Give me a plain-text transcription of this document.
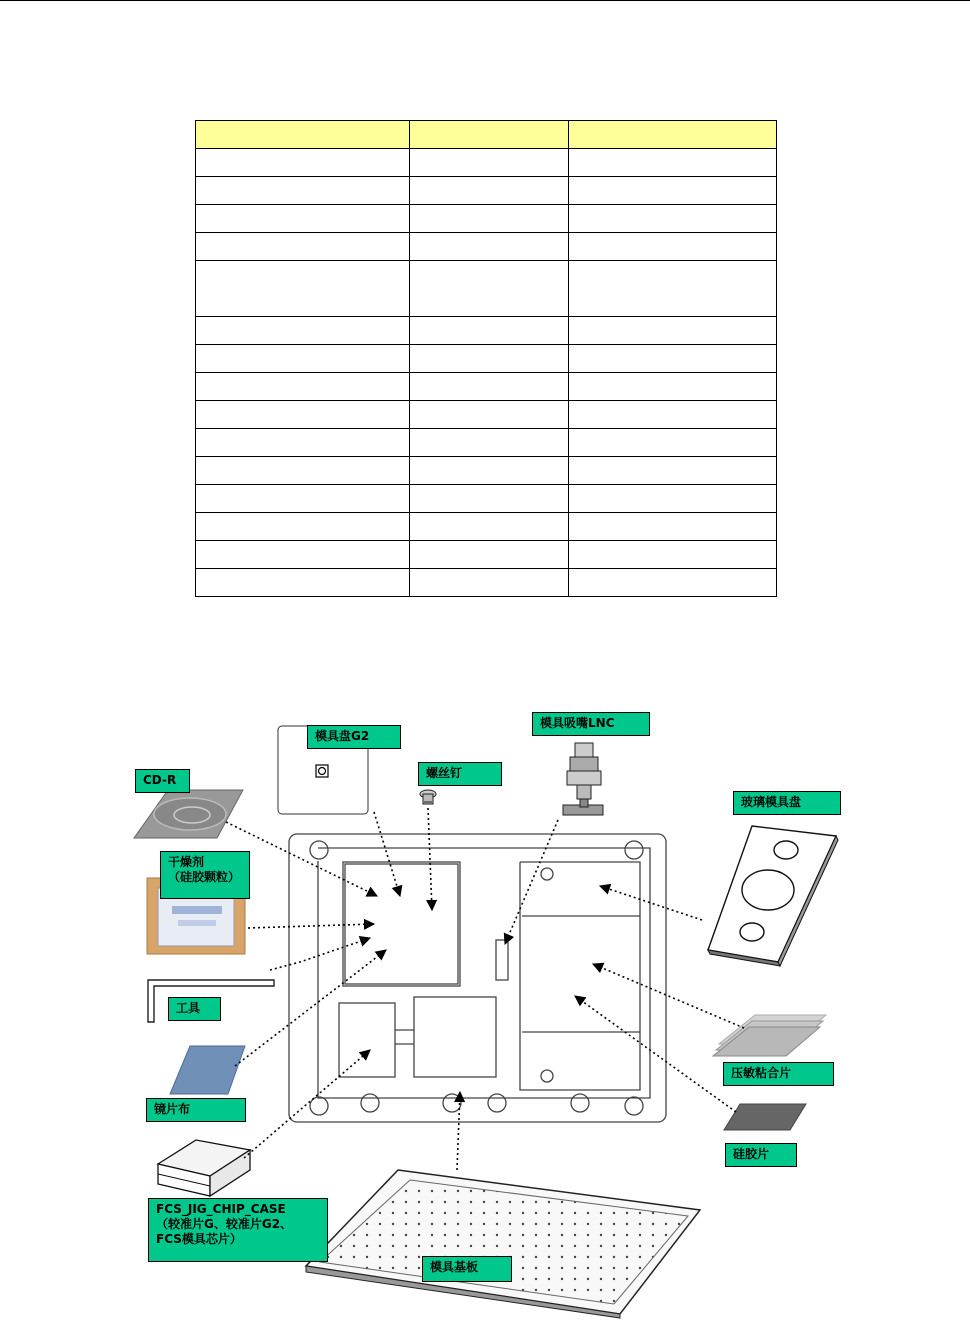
模具盘G2
模具吸嘴LNC
螺丝钉
CD-R
玻璃模具盘
干燥剂
（硅胶颗粒）
工具
镜片布
压敏粘合片
硅胶片
FCS_JIG_CHIP_CASE
（较准片G、较准片G2、
FCS模具芯片）
模具基板
